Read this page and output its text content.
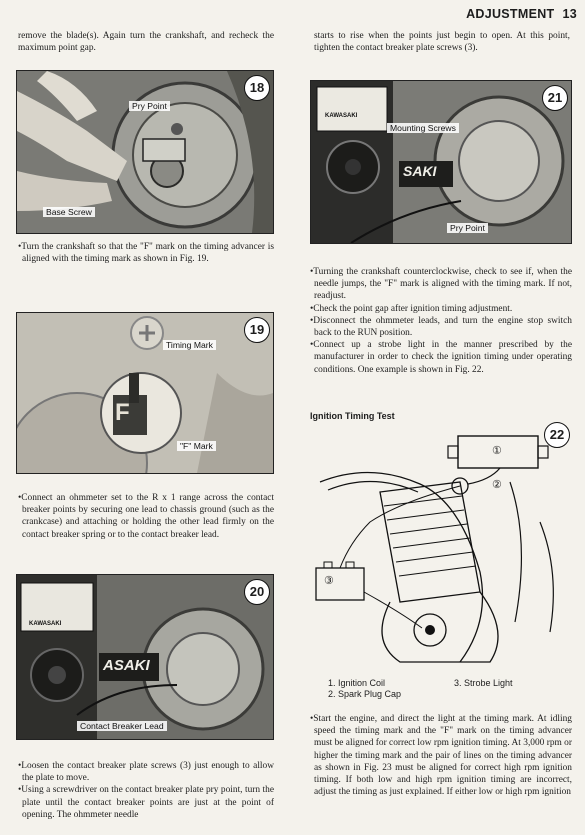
ADJUSTMENT 13

remove the blade(s). Again turn the crankshaft, and recheck the maximum point gap.

18
Pry Point
Base Screw

•Turn the crankshaft so that the "F" mark on the timing advancer is aligned with the timing mark as shown in Fig. 19.

F
19
Timing Mark
"F" Mark

•Connect an ohmmeter set to the R x 1 range across the contact breaker points by securing one lead to chassis ground (such as the crankcase) and attaching or holding the other lead firmly on the contact breaker spring or to the contact breaker lead.

KAWASAKI
ASAKI
20
Contact Breaker Lead

•Loosen the contact breaker plate screws (3) just enough to allow the plate to move.

•Using a screwdriver on the contact breaker plate pry point, turn the plate until the contact breaker points are just at the point of opening. The ohmmeter needle

starts to rise when the points just begin to open. At this point, tighten the contact breaker plate screws (3).

KAWASAKI
SAKI
21
Mounting Screws
Pry Point

•Turning the crankshaft counterclockwise, check to see if, when the needle jumps, the "F" mark is aligned with the timing mark. If not, readjust.

•Check the point gap after ignition timing adjustment.

•Disconnect the ohmmeter leads, and turn the engine stop switch back to the RUN position.

•Connect up a strobe light in the manner prescribed by the manufacturer in order to check the ignition timing under operating conditions. One example is shown in Fig. 22.

Ignition Timing Test
22
①
②
③
1. Ignition Coil
2. Spark Plug Cap
3. Strobe Light

•Start the engine, and direct the light at the timing mark. At idling speed the timing mark and the "F" mark on the timing advancer must be aligned for correct low rpm ignition timing. At 3,000 rpm or higher the timing mark and the pair of lines on the timing advancer as shown in Fig. 23 must be aligned for correct high rpm ignition timing. If both low and high rpm ignition timing are incorrect, adjust the timing as just explained. If either low or high rpm ignition
